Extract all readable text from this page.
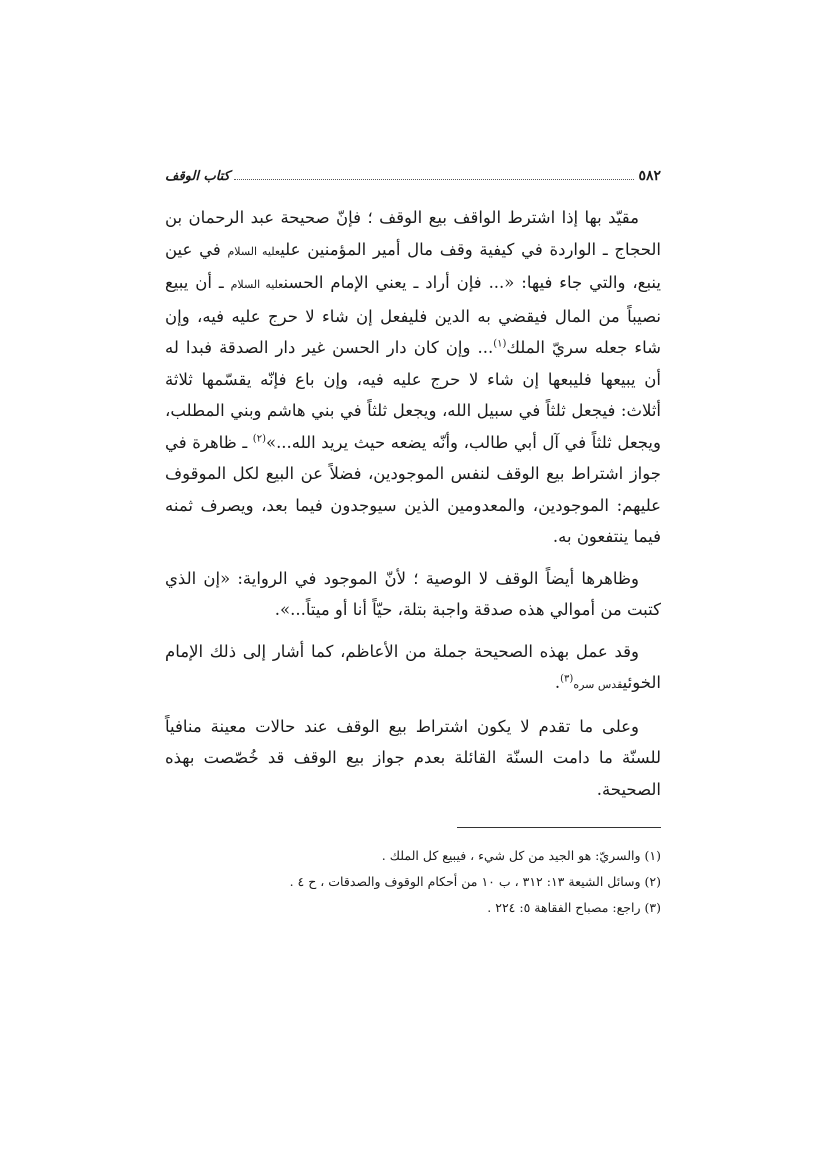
٥٨٢
كتاب الوقف

مقيّد بها إذا اشترط الواقف بيع الوقف ؛ فإنّ صحيحة عبد الرحمان بن الحجاج ـ الواردة في كيفية وقف مال أمير المؤمنين عليعليه السلام في عين ينبع، والتي جاء فيها: «... فإن أراد ـ يعني الإمام الحسنعليه السلام ـ أن يبيع نصيباً من المال فيقضي به الدين فليفعل إن شاء لا حرج عليه فيه، وإن شاء جعله سريّ الملك$^{(١)}$... وإن كان دار الحسن غير دار الصدقة فبدا له أن يبيعها فليبعها إن شاء لا حرج عليه فيه، وإن باع فإنّه يقسّمها ثلاثة أثلاث: فيجعل ثلثاً في سبيل الله، ويجعل ثلثاً في بني هاشم وبني المطلب، ويجعل ثلثاً في آل أبي طالب، وأنّه يضعه حيث يريد الله...»$^{(٢)}$ ـ ظاهرة في جواز اشتراط بيع الوقف لنفس الموجودين، فضلاً عن البيع لكل الموقوف عليهم: الموجودين، والمعدومين الذين سيوجدون فيما بعد، ويصرف ثمنه فيما ينتفعون به.

وظاهرها أيضاً الوقف لا الوصية ؛ لأنّ الموجود في الرواية: «إن الذي كتبت من أموالي هذه صدقة واجبة بتلة، حيّاً أنا أو ميتاً...».

وقد عمل بهذه الصحيحة جملة من الأعاظم، كما أشار إلى ذلك الإمام الخوئيقدس سره$^{(٣)}$.

وعلى ما تقدم لا يكون اشتراط بيع الوقف عند حالات معينة منافياً للسنّة ما دامت السنّة القائلة بعدم جواز بيع الوقف قد خُصّصت بهذه الصحيحة.

(١) والسريّ: هو الجيد من كل شيء ، فيبيع كل الملك .

(٢) وسائل الشيعة ١٣: ٣١٢ ، ب ١٠ من أحكام الوقوف والصدقات ، ح ٤ .

(٣) راجع: مصباح الفقاهة ٥: ٢٢٤ .
